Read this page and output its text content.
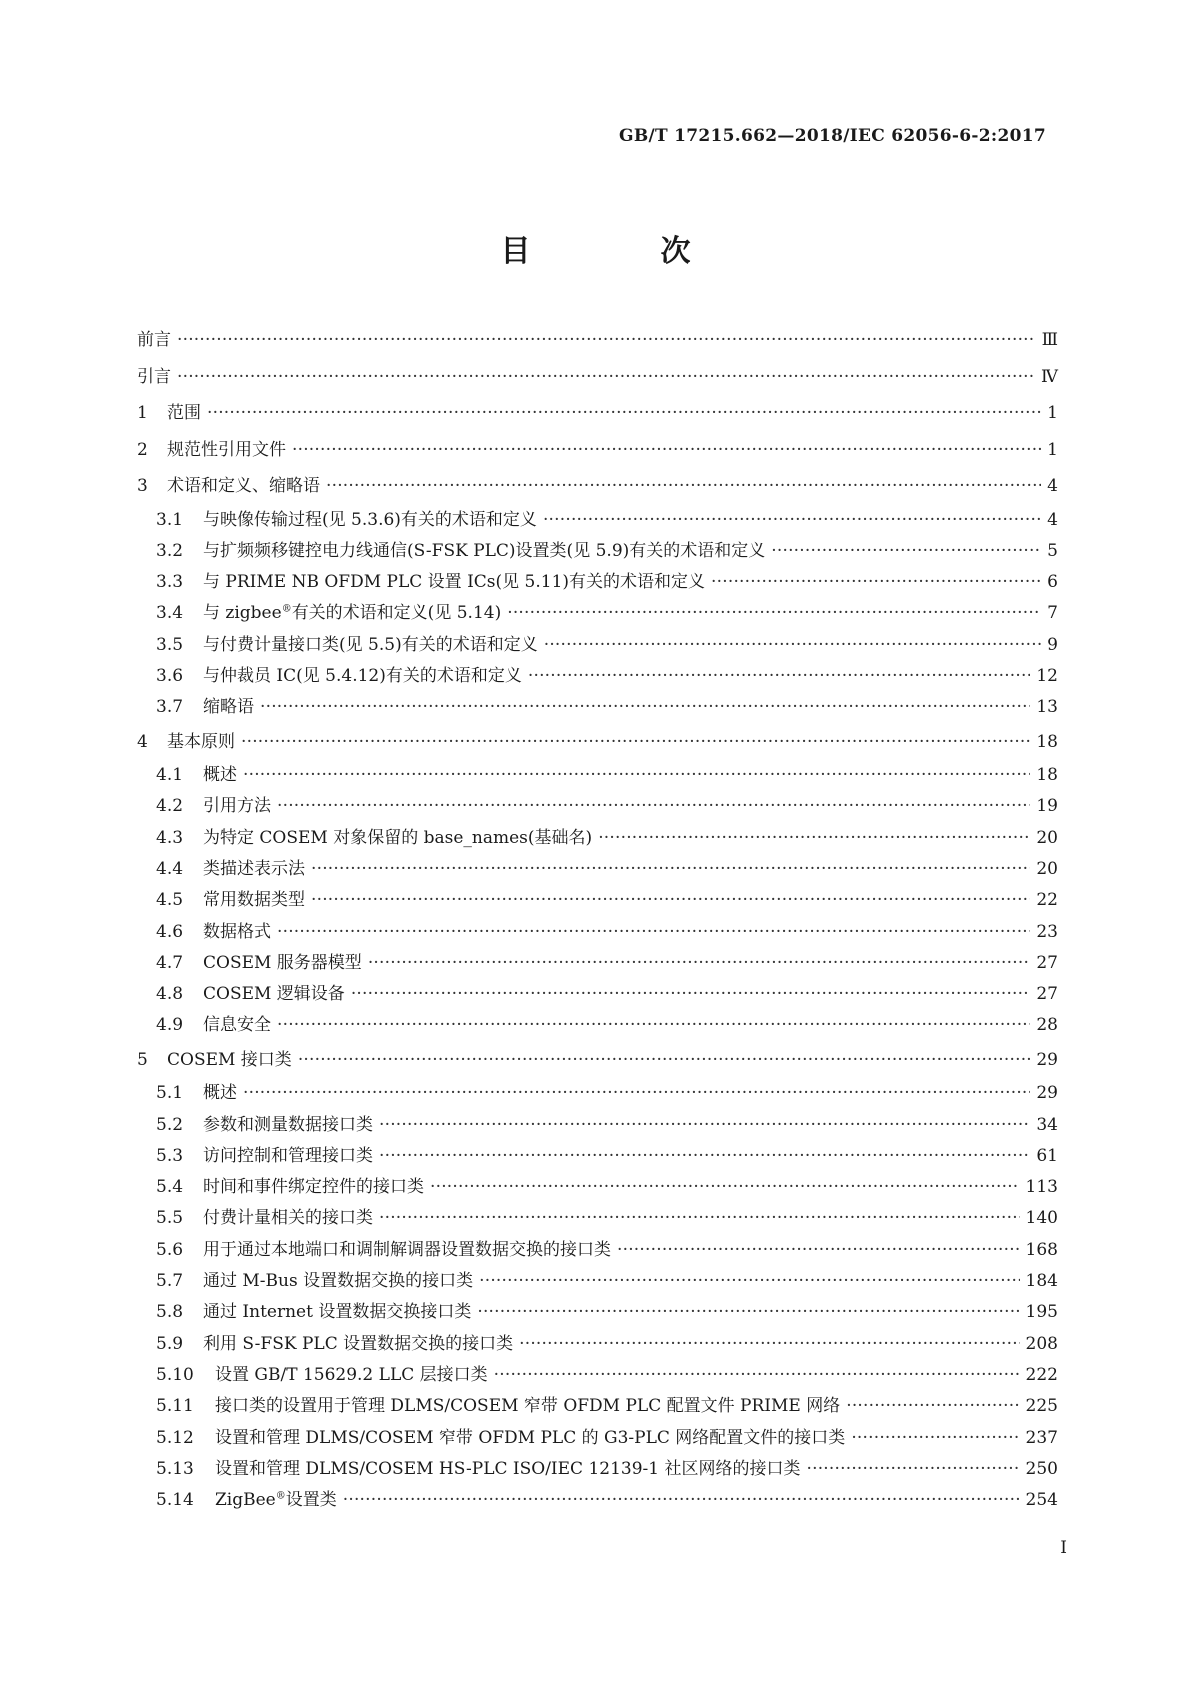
GB/T 17215.662—2018/IEC 62056-6-2:2017
目　次
前言 ·····	Ⅲ
引言 ·····	Ⅳ
1	范围 ·····	1
2	规范性引用文件 ·····	1
3	术语和定义、缩略语 ·····	4
3.1	与映像传输过程(见 5.3.6)有关的术语和定义 ·····	4
3.2	与扩频频移键控电力线通信(S-FSK PLC)设置类(见 5.9)有关的术语和定义 ·····	5
3.3	与 PRIME NB OFDM PLC 设置 ICs(见 5.11)有关的术语和定义 ·····	6
3.4	与 zigbee®有关的术语和定义(见 5.14) ·····	7
3.5	与付费计量接口类(见 5.5)有关的术语和定义 ·····	9
3.6	与仲裁员 IC(见 5.4.12)有关的术语和定义 ·····	12
3.7	缩略语 ·····	13
4	基本原则 ·····	18
4.1	概述 ·····	18
4.2	引用方法 ·····	19
4.3	为特定 COSEM 对象保留的 base_names(基础名) ·····	20
4.4	类描述表示法 ·····	20
4.5	常用数据类型 ·····	22
4.6	数据格式 ·····	23
4.7	COSEM 服务器模型 ·····	27
4.8	COSEM 逻辑设备 ·····	27
4.9	信息安全 ·····	28
5	COSEM 接口类 ·····	29
5.1	概述 ·····	29
5.2	参数和测量数据接口类 ·····	34
5.3	访问控制和管理接口类 ·····	61
5.4	时间和事件绑定控件的接口类 ·····	113
5.5	付费计量相关的接口类 ·····	140
5.6	用于通过本地端口和调制解调器设置数据交换的接口类 ·····	168
5.7	通过 M-Bus 设置数据交换的接口类 ·····	184
5.8	通过 Internet 设置数据交换接口类 ·····	195
5.9	利用 S-FSK PLC 设置数据交换的接口类 ·····	208
5.10	设置 GB/T 15629.2 LLC 层接口类 ·····	222
5.11	接口类的设置用于管理 DLMS/COSEM 窄带 OFDM PLC 配置文件 PRIME 网络 ·····	225
5.12	设置和管理 DLMS/COSEM 窄带 OFDM PLC 的 G3-PLC 网络配置文件的接口类 ·····	237
5.13	设置和管理 DLMS/COSEM HS-PLC ISO/IEC 12139-1 社区网络的接口类 ·····	250
5.14	ZigBee®设置类 ·····	254
I
